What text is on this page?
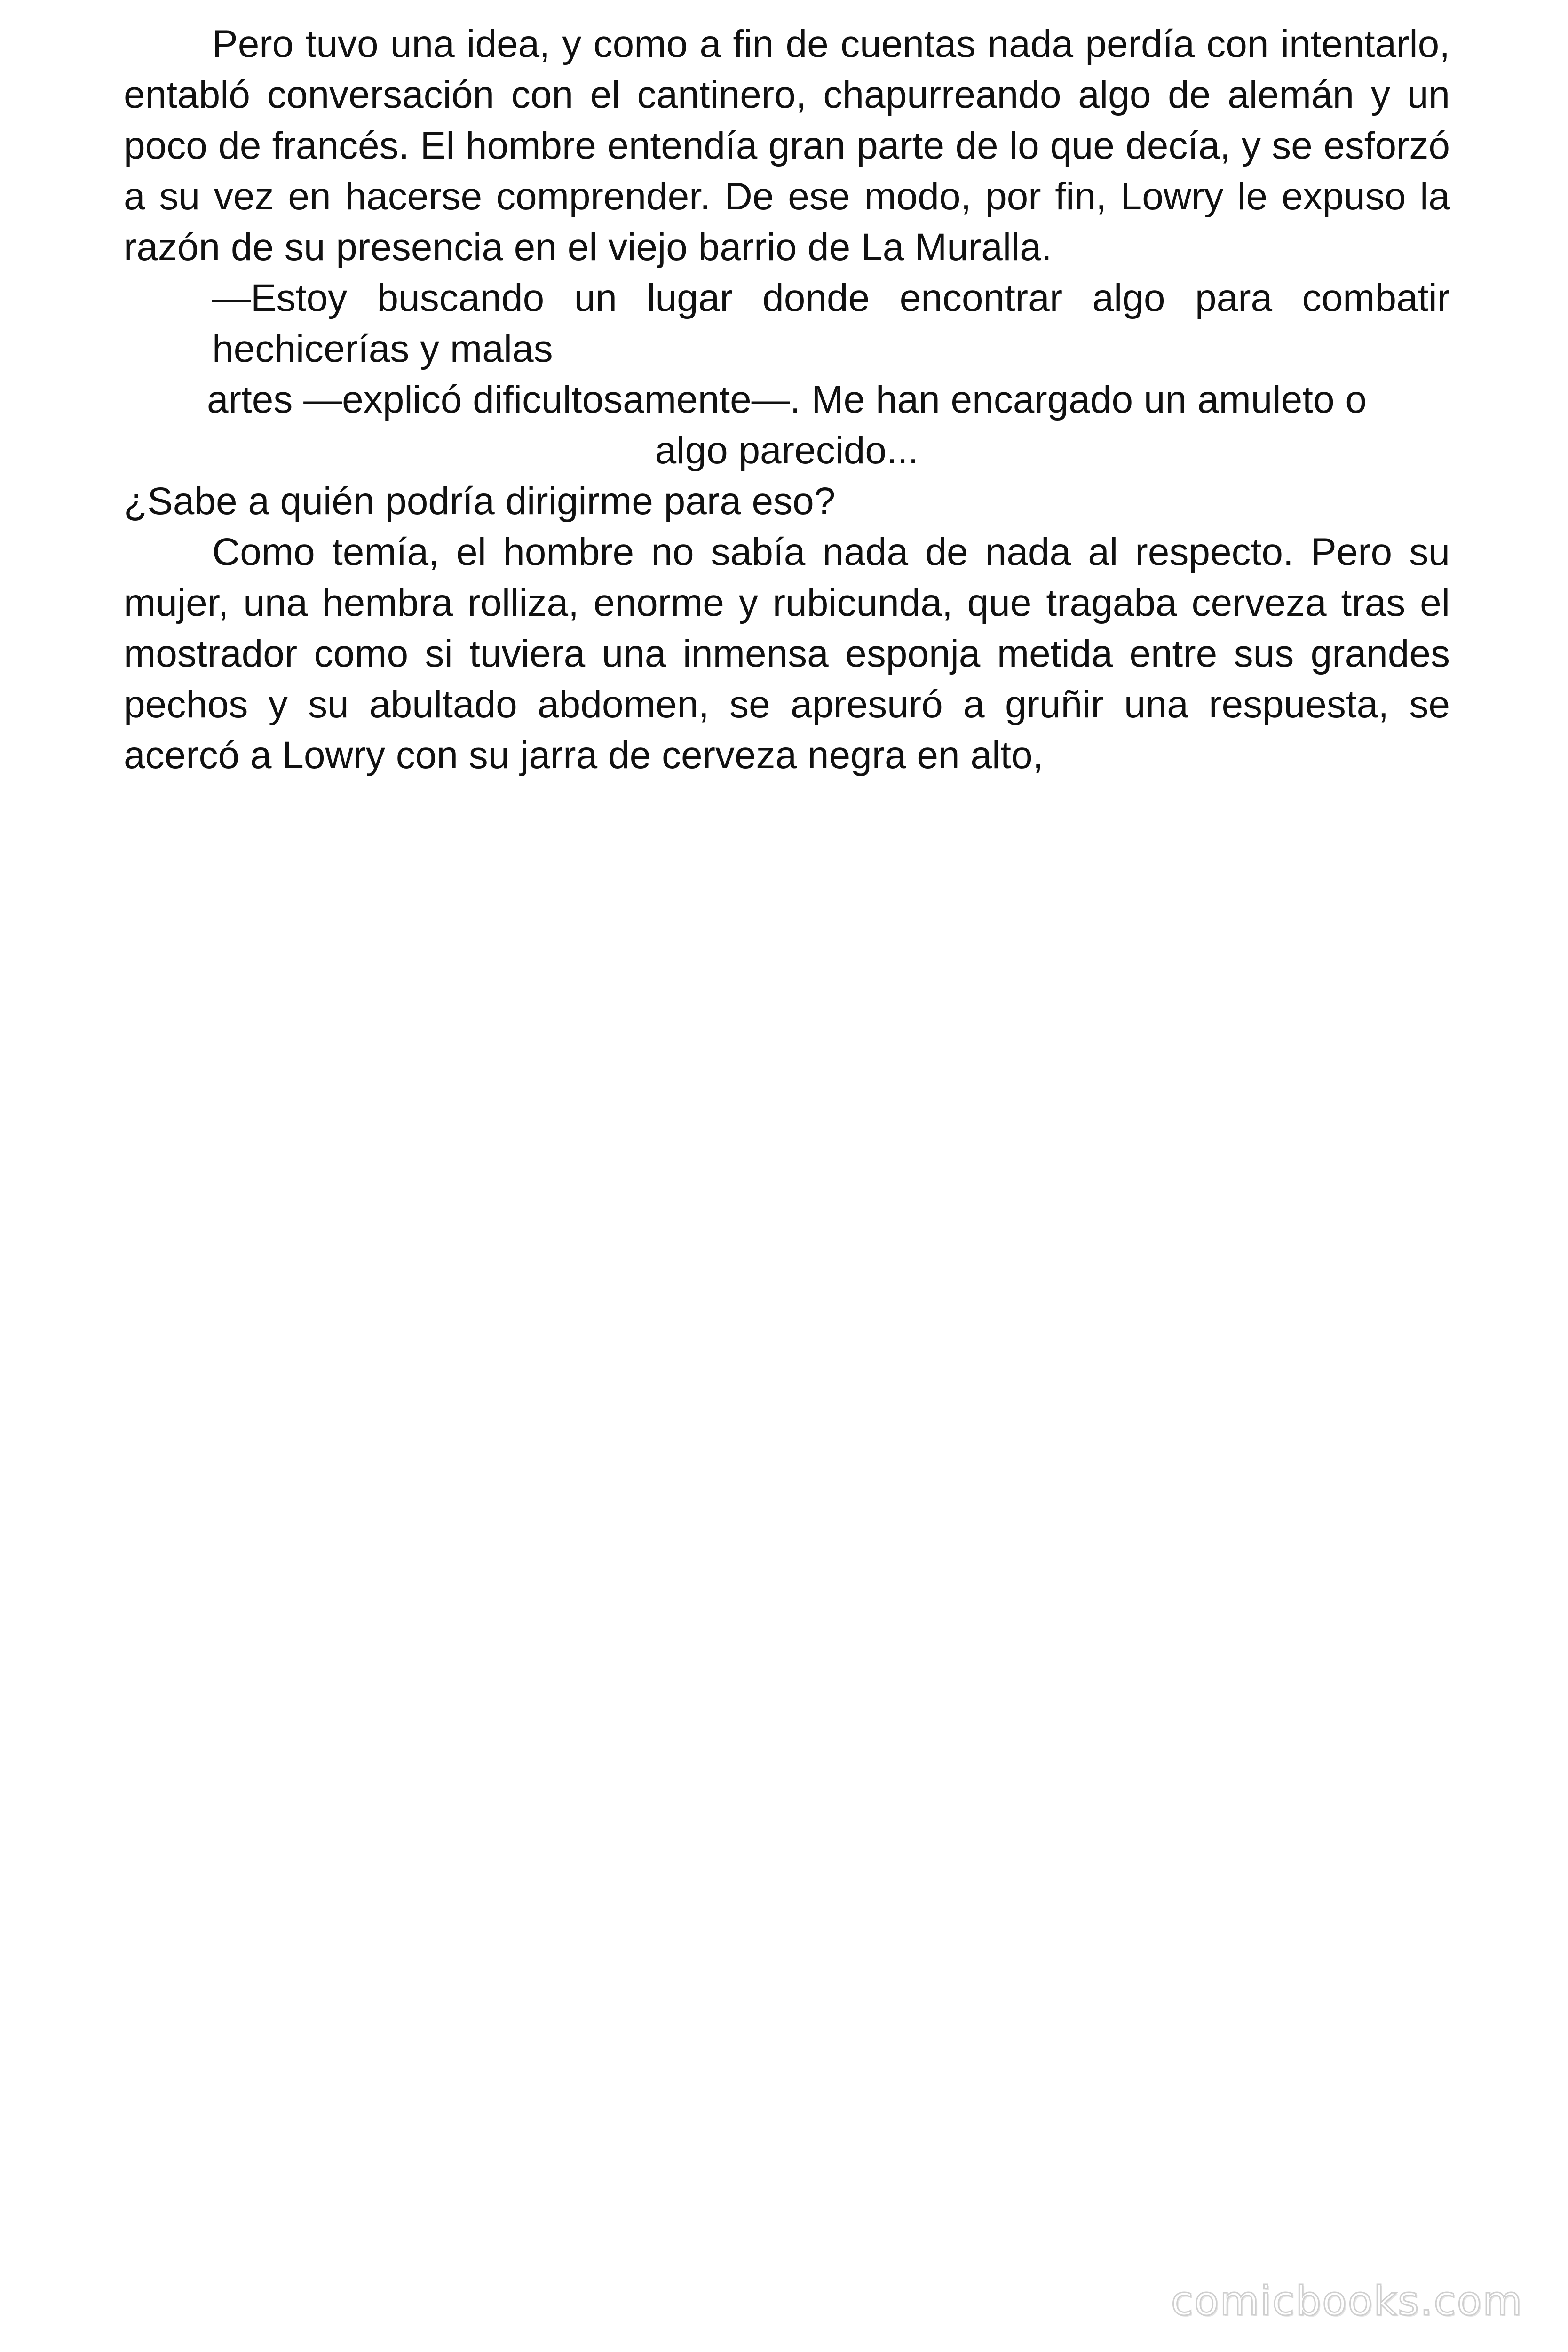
Pero tuvo una idea, y como a fin de cuentas nada perdía con intentarlo, entabló conversación con el cantinero, chapurreando algo de alemán y un poco de francés. El hombre entendía gran parte de lo que decía, y se esforzó a su vez en hacerse comprender. De ese modo, por fin, Lowry le expuso la razón de su presencia en el viejo barrio de La Muralla.

—Estoy buscando un lugar donde encontrar algo para combatir hechicerías y malas

artes —explicó dificultosamente—. Me han encargado un amuleto o

algo parecido...

¿Sabe a quién podría dirigirme para eso?

Como temía, el hombre no sabía nada de nada al respecto. Pero su mujer, una hembra rolliza, enorme y rubicunda, que tragaba cerveza tras el mostrador como si tuviera una inmensa esponja metida entre sus grandes pechos y su abultado abdomen, se apresuró a gruñir una respuesta, se acercó a Lowry con su jarra de cerveza negra en alto,

comicbooks.com
